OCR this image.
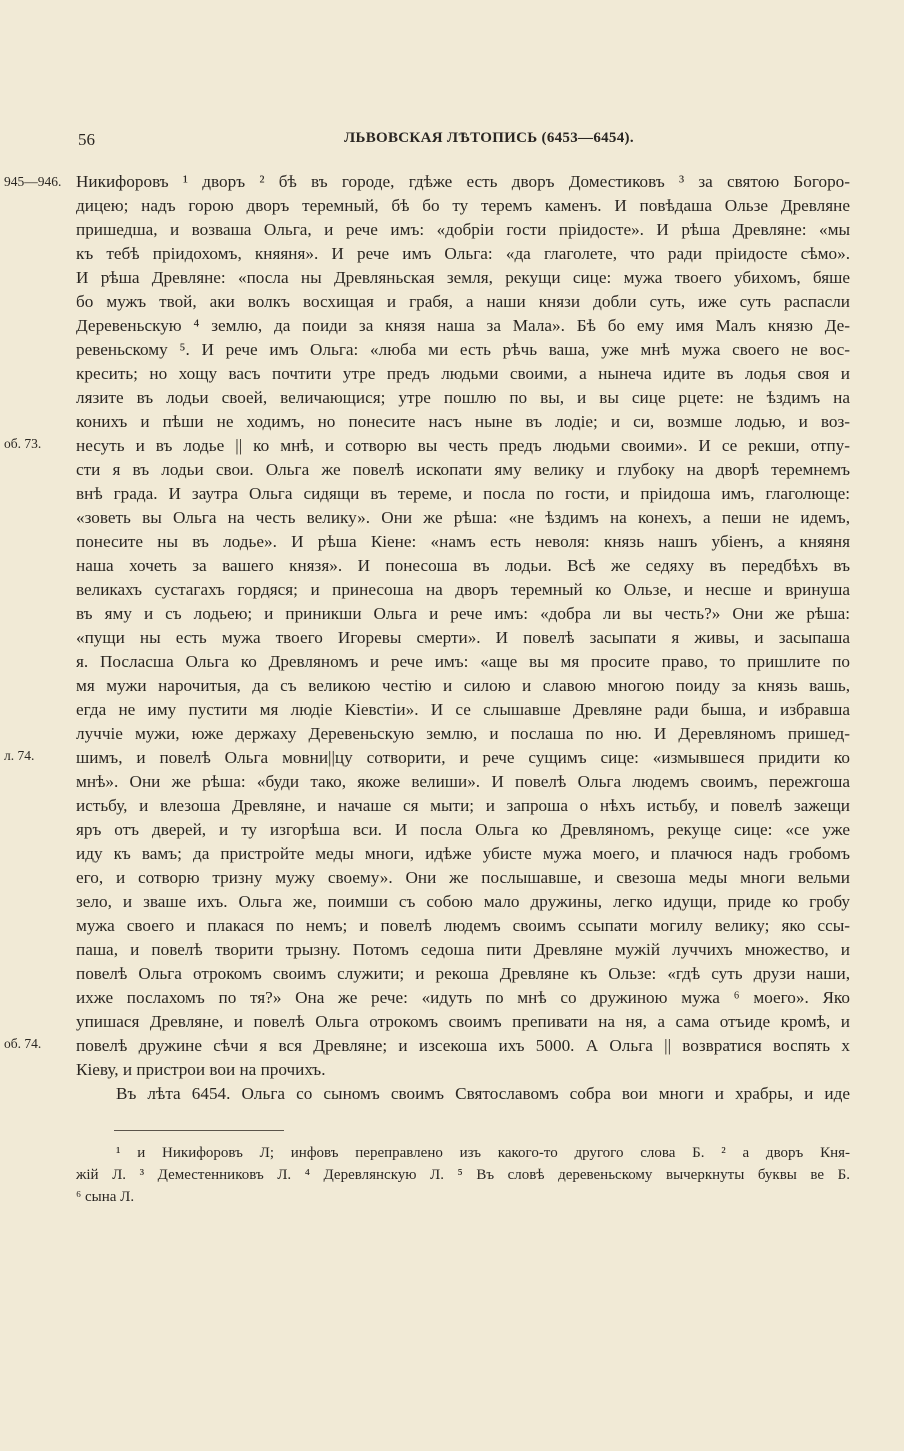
56	ЛЬВОВСКАЯ ЛѢТОПИСЬ (6453—6454).
945—946.
об. 73.
л. 74.
об. 74.
Никифоровъ ¹ дворъ ² бѣ въ городе, гдѣже есть дворъ Доместиковъ ³ за святою Богоро-
дицею; надъ горою дворъ теремный, бѣ бо ту теремъ каменъ. И повѣдаша Ользе Древляне
пришедша, и возваша Ольга, и рече имъ: «добріи гости пріидосте». И рѣша Древляне: «мы
къ тебѣ пріидохомъ, княяня». И рече имъ Ольга: «да глаголете, что ради пріидосте сѣмо».
И рѣша Древляне: «посла ны Древляньская земля, рекущи сице: мужа твоего убихомъ, бяше
бо мужъ твой, аки волкъ восхищая и грабя, а наши князи добли суть, иже суть распасли
Деревеньскую ⁴ землю, да поиди за князя наша за Мала». Бѣ бо ему имя Малъ князю Де-
ревеньскому ⁵. И рече имъ Ольга: «люба ми есть рѣчь ваша, уже мнѣ мужа своего не вос-
кресить; но хощу васъ почтити утре предъ людьми своими, а нынеча идите въ лодья своя и
лязите въ лодьи своей, величающися; утре пошлю по вы, и вы сице рцете: не ѣздимъ на
конихъ и пѣши не ходимъ, но понесите насъ ныне въ лодіе; и си, возмше лодью, и воз-
несуть и въ лодье || ко мнѣ, и сотворю вы честь предъ людьми своими». И се рекши, отпу-
сти я въ лодьи свои. Ольга же повелѣ ископати яму велику и глубоку на дворѣ теремнемъ
внѣ града. И заутра Ольга сидящи въ тереме, и посла по гости, и пріидоша имъ, глаголюще:
«зоветь вы Ольга на честь велику». Они же рѣша: «не ѣздимъ на конехъ, а пеши не идемъ,
понесите ны въ лодье». И рѣша Кіене: «намъ есть неволя: князь нашъ убіенъ, а княяня
наша хочеть за вашего князя». И понесоша въ лодьи. Всѣ же седяху въ передбѣхъ въ
великахъ сустагахъ гордяся; и принесоша на дворъ теремный ко Ользе, и несше и вринуша
въ яму и съ лодьею; и приникши Ольга и рече имъ: «добра ли вы честь?» Они же рѣша:
«пущи ны есть мужа твоего Игоревы смерти». И повелѣ засыпати я живы, и засыпаша
я. Посласша Ольга ко Древляномъ и рече имъ: «аще вы мя просите право, то пришлите по
мя мужи нарочитыя, да съ великою честію и силою и славою многою поиду за князь вашь,
егда не иму пустити мя людіе Кіевстіи». И се слышавше Древляне ради быша, и избравша
луччіе мужи, юже держаху Деревеньскую землю, и послаша по ню. И Деревляномъ пришед-
шимъ, и повелѣ Ольга мовни||цу сотворити, и рече сущимъ сице: «измывшеся придити ко
мнѣ». Они же рѣша: «буди тако, якоже велиши». И повелѣ Ольга людемъ своимъ, пережгоша
истьбу, и влезоша Древляне, и начаше ся мыти; и запроша о нѣхъ истьбу, и повелѣ зажещи
яръ отъ дверей, и ту изгорѣша вси. И посла Ольга ко Древляномъ, рекуще сице: «се уже
иду къ вамъ; да пристройте меды многи, идѣже убисте мужа моего, и плачюся надъ гробомъ
его, и сотворю тризну мужу своему». Они же послышавше, и свезоша меды многи вельми
зело, и зваше ихъ. Ольга же, поимши съ собою мало дружины, легко идущи, приде ко гробу
мужа своего и плакася по немъ; и повелѣ людемъ своимъ ссыпати могилу велику; яко ссы-
паша, и повелѣ творити трызну. Потомъ седоша пити Древляне мужій луччихъ множество, и
повелѣ Ольга отрокомъ своимъ служити; и рекоша Древляне къ Ользе: «гдѣ суть друзи наши,
ихже послахомъ по тя?» Она же рече: «идуть по мнѣ со дружиною мужа ⁶ моего». Яко
упишася Древляне, и повелѣ Ольга отрокомъ своимъ препивати на ня, а сама отъиде кромѣ, и
повелѣ дружине сѣчи я вся Древляне; и изсекоша ихъ 5000. А Ольга || возвратися воспять х
Кіеву, и пристрои вои на прочихъ.
Въ лѣта 6454. Ольга со сыномъ своимъ Святославомъ собра вои многи и храбры, и иде
¹ и Никифоровъ Л; инфовъ переправлено изъ какого-то другого слова Б. ² а дворъ Кня-
жій Л. ³ Деместенниковъ Л. ⁴ Деревлянскую Л. ⁵ Въ словѣ деревеньскому вычеркнуты буквы ве Б.
⁶ сына Л.
